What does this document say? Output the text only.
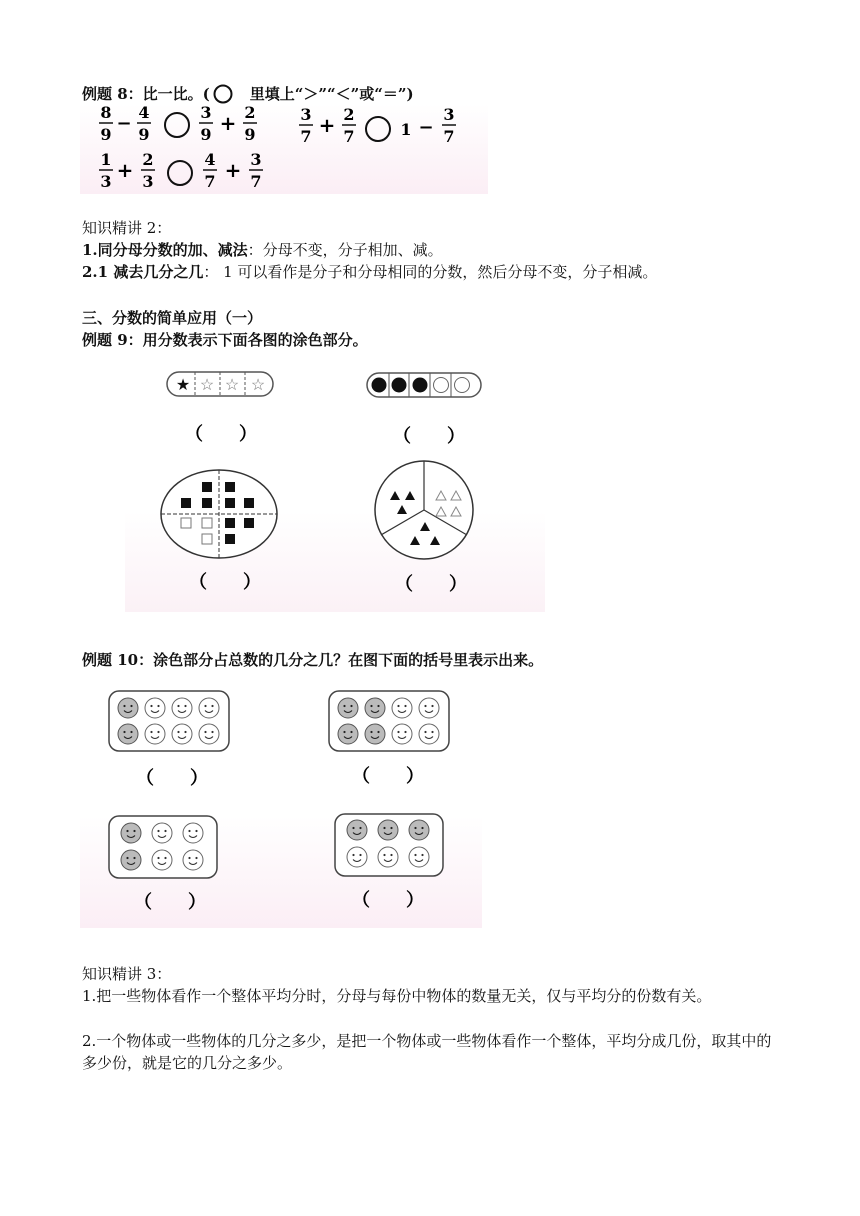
例题 8：比一比。(	里填上“＞”“＜”或“＝”)
8
9
−
4
9
3
9 + 2
9
3
7 + 2
7	1 −
3
7
1
3 + 2
3
4
7 + 3
7
知识精讲 2：
1.同分母分数的加、减法：分母不变，分子相加、减。
2.1 减去几分之几： 1 可以看作是分子和分母相同的分数，然后分母不变，分子相减。
三、分数的简单应用（一）
例题 9：用分数表示下面各图的涂色部分。
★ ☆ ☆ ☆
（　　）	（　　）
（　　）	（　　）
例题 10：涂色部分占总数的几分之几？在图下面的括号里表示出来。
（　　）	（　　）
（　　）	（　　）
知识精讲 3：
1.把一些物体看作一个整体平均分时，分母与每份中物体的数量无关，仅与平均分的份数有关。
2.一个物体或一些物体的几分之多少，是把一个物体或一些物体看作一个整体，平均分成几份，取其中的多少份，就是它的几分之多少。
